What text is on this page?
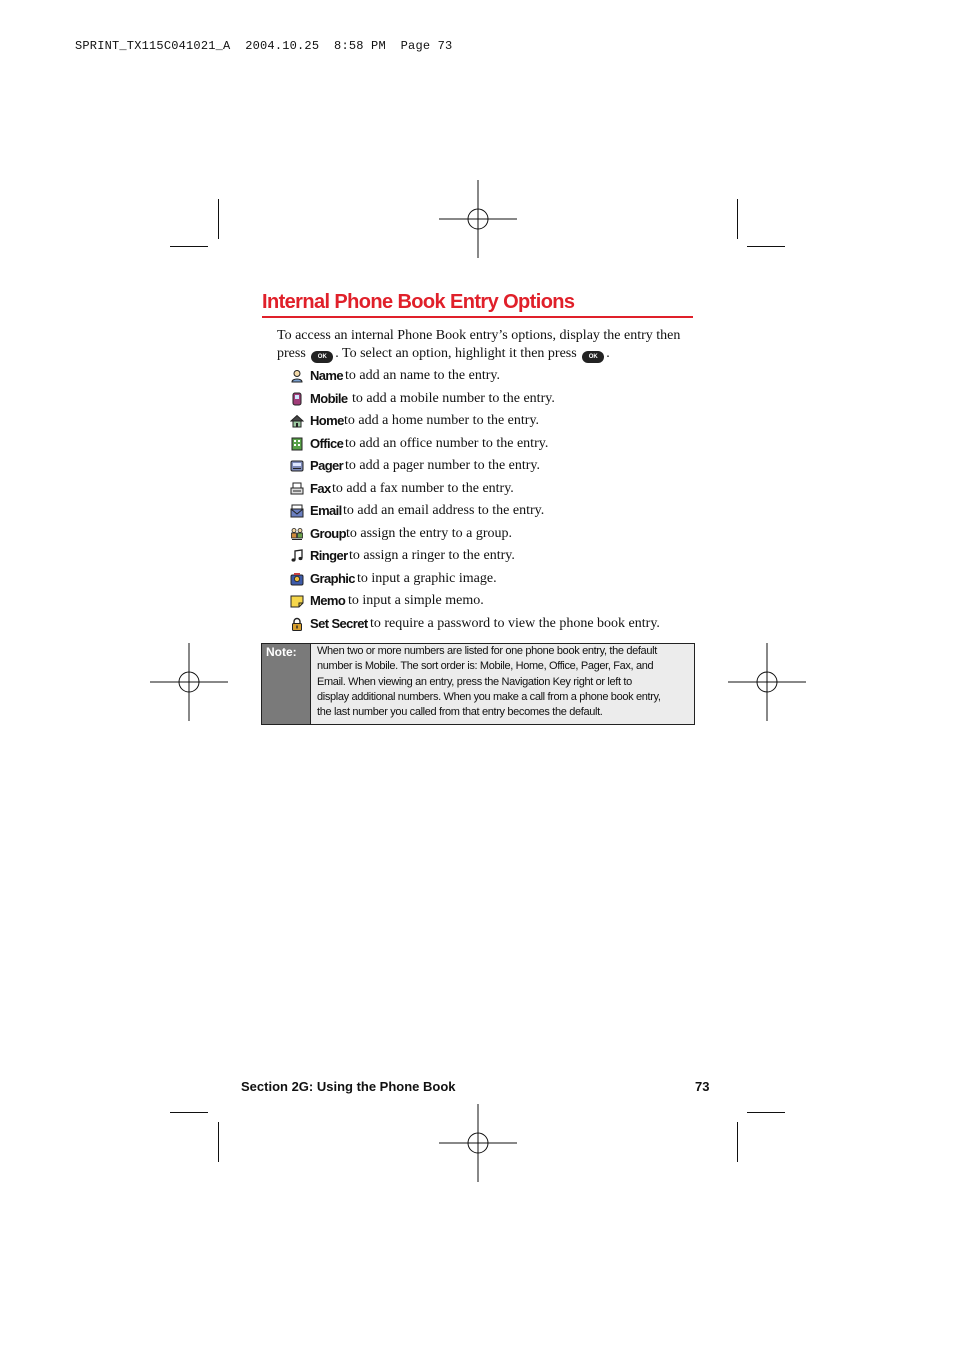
SPRINT_TX115C041021_A  2004.10.25  8:58 PM  Page 73
Internal Phone Book Entry Options
To access an internal Phone Book entry’s options, display the entry then press OK . To select an option, highlight it then press OK .
Name to add an name to the entry.
Mobile to add a mobile number to the entry.
Home to add a home number to the entry.
Office to add an office number to the entry.
Pager to add a pager number to the entry.
Fax to add a fax number to the entry.
Email to add an email address to the entry.
Group to assign the entry to a group.
Ringer to assign a ringer to the entry.
Graphic to input a graphic image.
Memo to input a simple memo.
Set Secret to require a password to view the phone book entry.
Note:	When two or more numbers are listed for one phone book entry, the default
number is Mobile. The sort order is: Mobile, Home, Office, Pager, Fax, and
Email. When viewing an entry, press the Navigation Key right or left to
display additional numbers. When you make a call from a phone book entry,
the last number you called from that entry becomes the default.
Section 2G: Using the Phone Book	73
